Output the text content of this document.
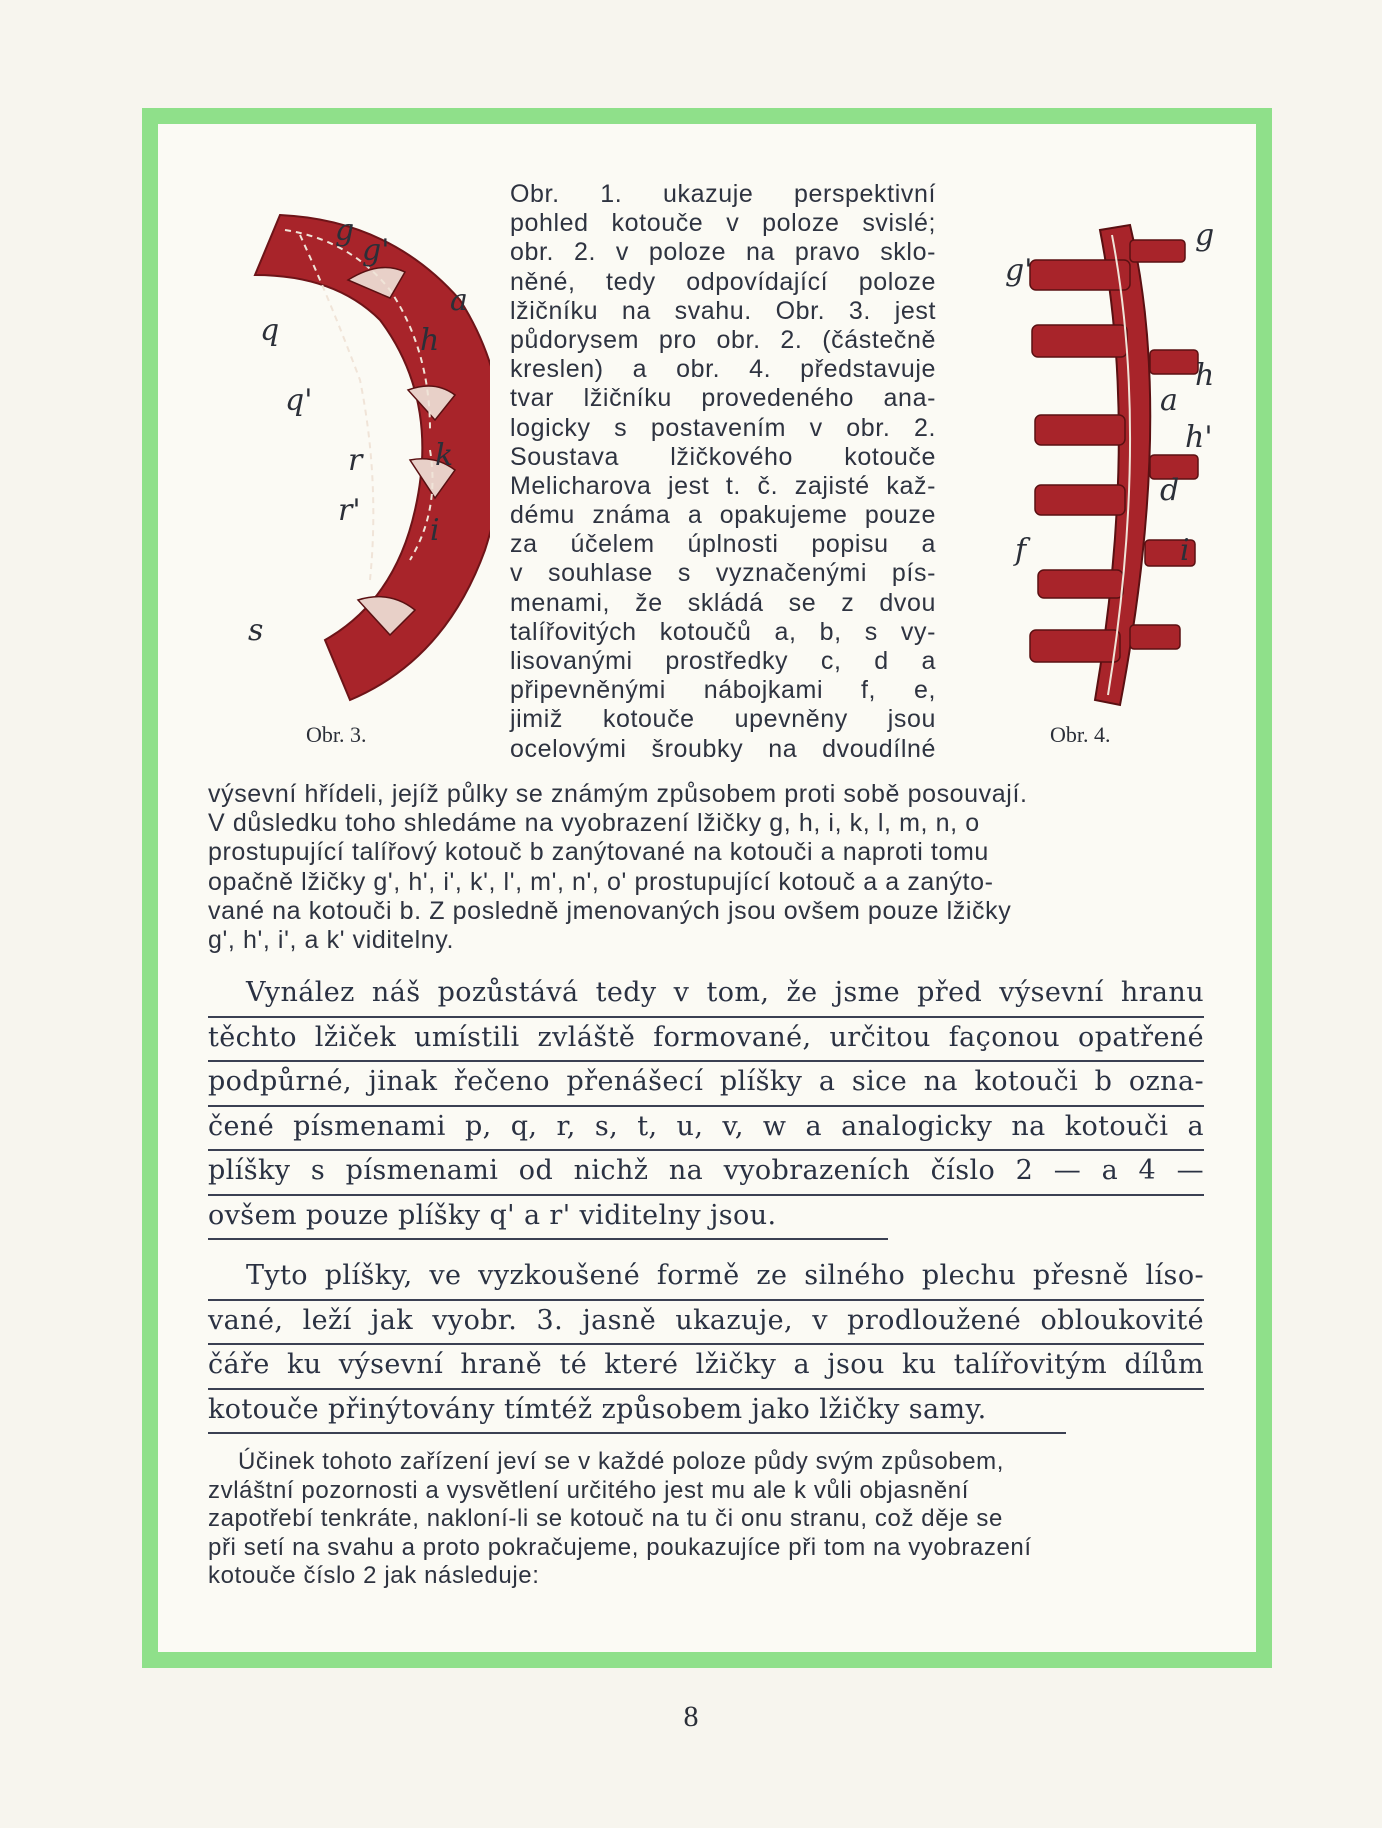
g
g'
a
q	h
q'
r
r'
k
i
s
Obr. 3.
g
g'
h
a
h'
d
i
f
Obr. 4.
Obr. 1. ukazuje perspektivní
pohled kotouče v poloze svislé;
obr. 2. v poloze na pravo sklo-
něné, tedy odpovídající poloze
lžičníku na svahu. Obr. 3. jest
půdorysem pro obr. 2. (částečně
kreslen) a obr. 4. představuje
tvar lžičníku provedeného ana-
logicky s postavením v obr. 2.
Soustava lžičkového kotouče
Melicharova jest t. č. zajisté kaž-
dému známa a opakujeme pouze
za účelem úplnosti popisu a
v souhlase s vyznačenými pís-
menami, že skládá se z dvou
talířovitých kotoučů a, b, s vy-
lisovanými prostředky c, d a
připevněnými nábojkami f, e,
jimiž kotouče upevněny jsou
ocelovými šroubky na dvoudílné
výsevní hřídeli, jejíž půlky se známým způsobem proti sobě posouvají.
V důsledku toho shledáme na vyobrazení lžičky g, h, i, k, l, m, n, o
prostupující talířový kotouč b zanýtované na kotouči a naproti tomu
opačně lžičky g', h', i', k', l', m', n', o' prostupující kotouč a a zanýto-
vané na kotouči b. Z posledně jmenovaných jsou ovšem pouze lžičky
g', h', i', a k' viditelny.
Vynález náš pozůstává tedy v tom, že jsme před výsevní hranu
těchto lžiček umístili zvláště formované, určitou façonou opatřené
podpůrné, jinak řečeno přenášecí plíšky a sice na kotouči b ozna-
čené písmenami p, q, r, s, t, u, v, w a analogicky na kotouči a
plíšky s písmenami od nichž na vyobrazeních číslo 2 — a 4 —
ovšem pouze plíšky q' a r' viditelny jsou.
Tyto plíšky, ve vyzkoušené formě ze silného plechu přesně líso-
vané, leží jak vyobr. 3. jasně ukazuje, v prodloužené obloukovité
čáře ku výsevní hraně té které lžičky a jsou ku talířovitým dílům
kotouče přinýtovány tímtéž způsobem jako lžičky samy.
Účinek tohoto zařízení jeví se v každé poloze půdy svým způsobem,
zvláštní pozornosti a vysvětlení určitého jest mu ale k vůli objasnění
zapotřebí tenkráte, nakloní-li se kotouč na tu či onu stranu, což děje se
při setí na svahu a proto pokračujeme, poukazujíce při tom na vyobrazení
kotouče číslo 2 jak následuje:
8
